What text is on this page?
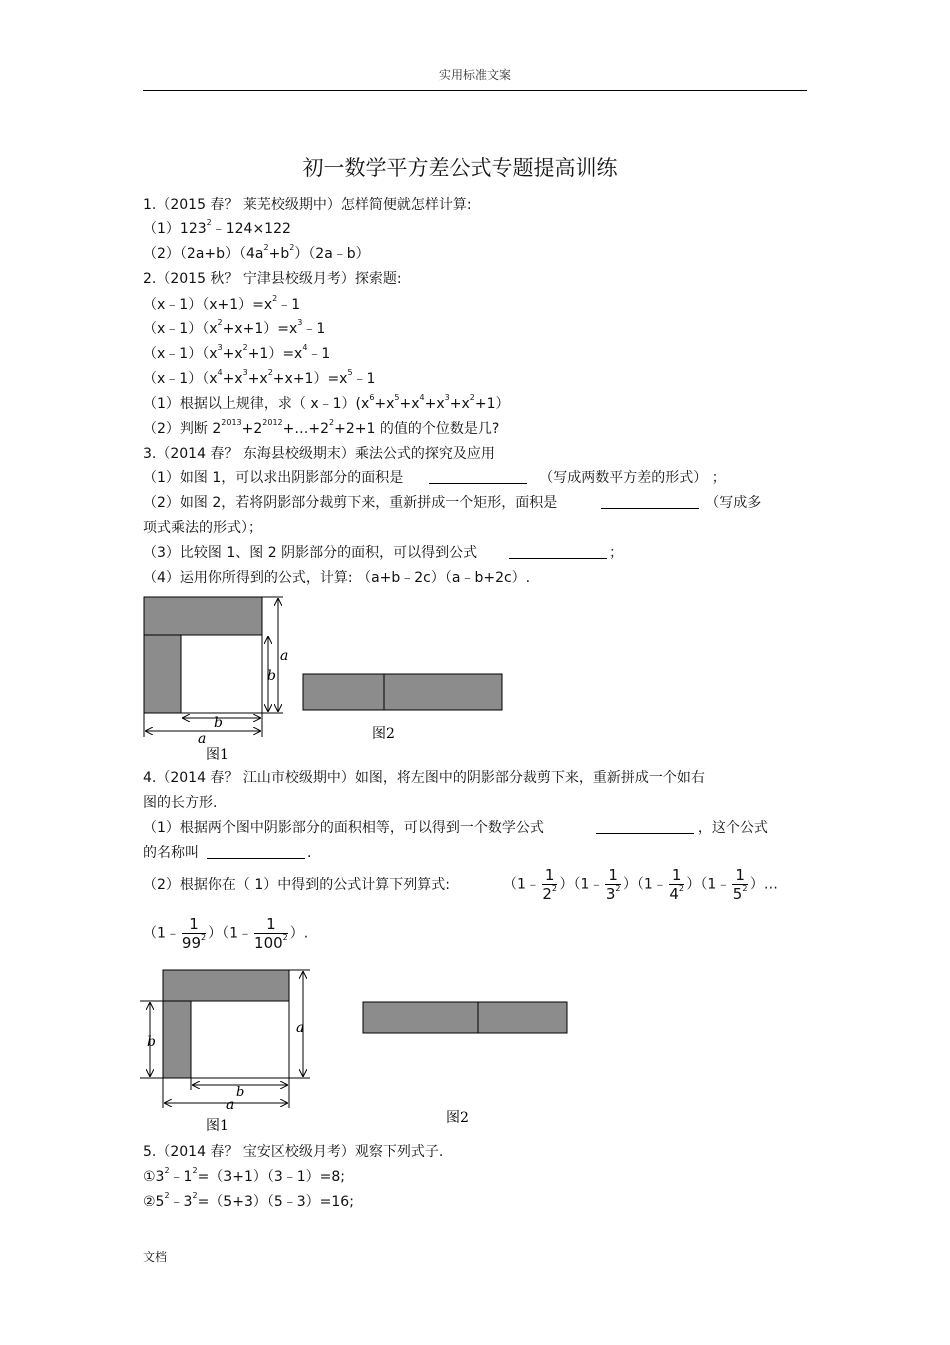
实用标准文案
初一数学平方差公式专题提高训练
1.（2015 春？ 莱芜校级期中）怎样简便就怎样计算:
$(1)123^2﹣124\times 122$
$(2)(2a+b)(4a^2+b^2)(2a﹣b)$
2.（2015 秋？ 宁津县校级月考）探索题:
$(x﹣1)(x+1)=x^2﹣1$
$(x﹣1)(x^2+x+1)=x^3﹣1$
$(x﹣1)(x^3+x^2+1)=x^4﹣1$
$(x﹣1)(x^4+x^3+x^2+x+1)=x^5﹣1$
（1）根据以上规律，求（ $x﹣1)(x^6+x^5+x^4+x^3+x^2+1)$
（2）判断 $2^{2013}+2^{2012}+\dots+2^2+2+1$ 的值的个位数是几?
3.（2014 春？ 东海县校级期末）乘法公式的探究及应用
（1）如图 1，可以求出阴影部分的面积是	（写成两数平方差的形式） ；
（2）如图 2，若将阴影部分裁剪下来，重新拼成一个矩形，面积是	（写成多
项式乘法的形式）；
（3）比较图 1、图 2 阴影部分的面积，可以得到公式	；
（4）运用你所得到的公式，计算: （a+b﹣2c）（a﹣b+2c）.
a
b
b
a
图1
图2
4.（2014 春？ 江山市校级期中）如图，将左图中的阴影部分裁剪下来，重新拼成一个如右
图的长方形.
（1）根据两个图中阴影部分的面积相等，可以得到一个数学公式	，这个公式
的名称叫	.
（2）根据你在（ 1）中得到的公式计算下列算式:	（1﹣ $\frac{1}{2^2}$ ）（1﹣ $\frac{1}{3^2}$ ）（1﹣ $\frac{1}{4^2}$ ）（1﹣ $\frac{1}{5^2}$ ）…
（1﹣ $\frac{1}{99^2}$ ）（1﹣ $\frac{1}{100^2}$ ）.
a
b
b
a
图1	图2
5.（2014 春？ 宝安区校级月考）观察下列式子.
$①3^2﹣1^2=(3+1)(3﹣1)=8$;
$②5^2﹣3^2=(5+3)(5﹣3)=16$;
文档
